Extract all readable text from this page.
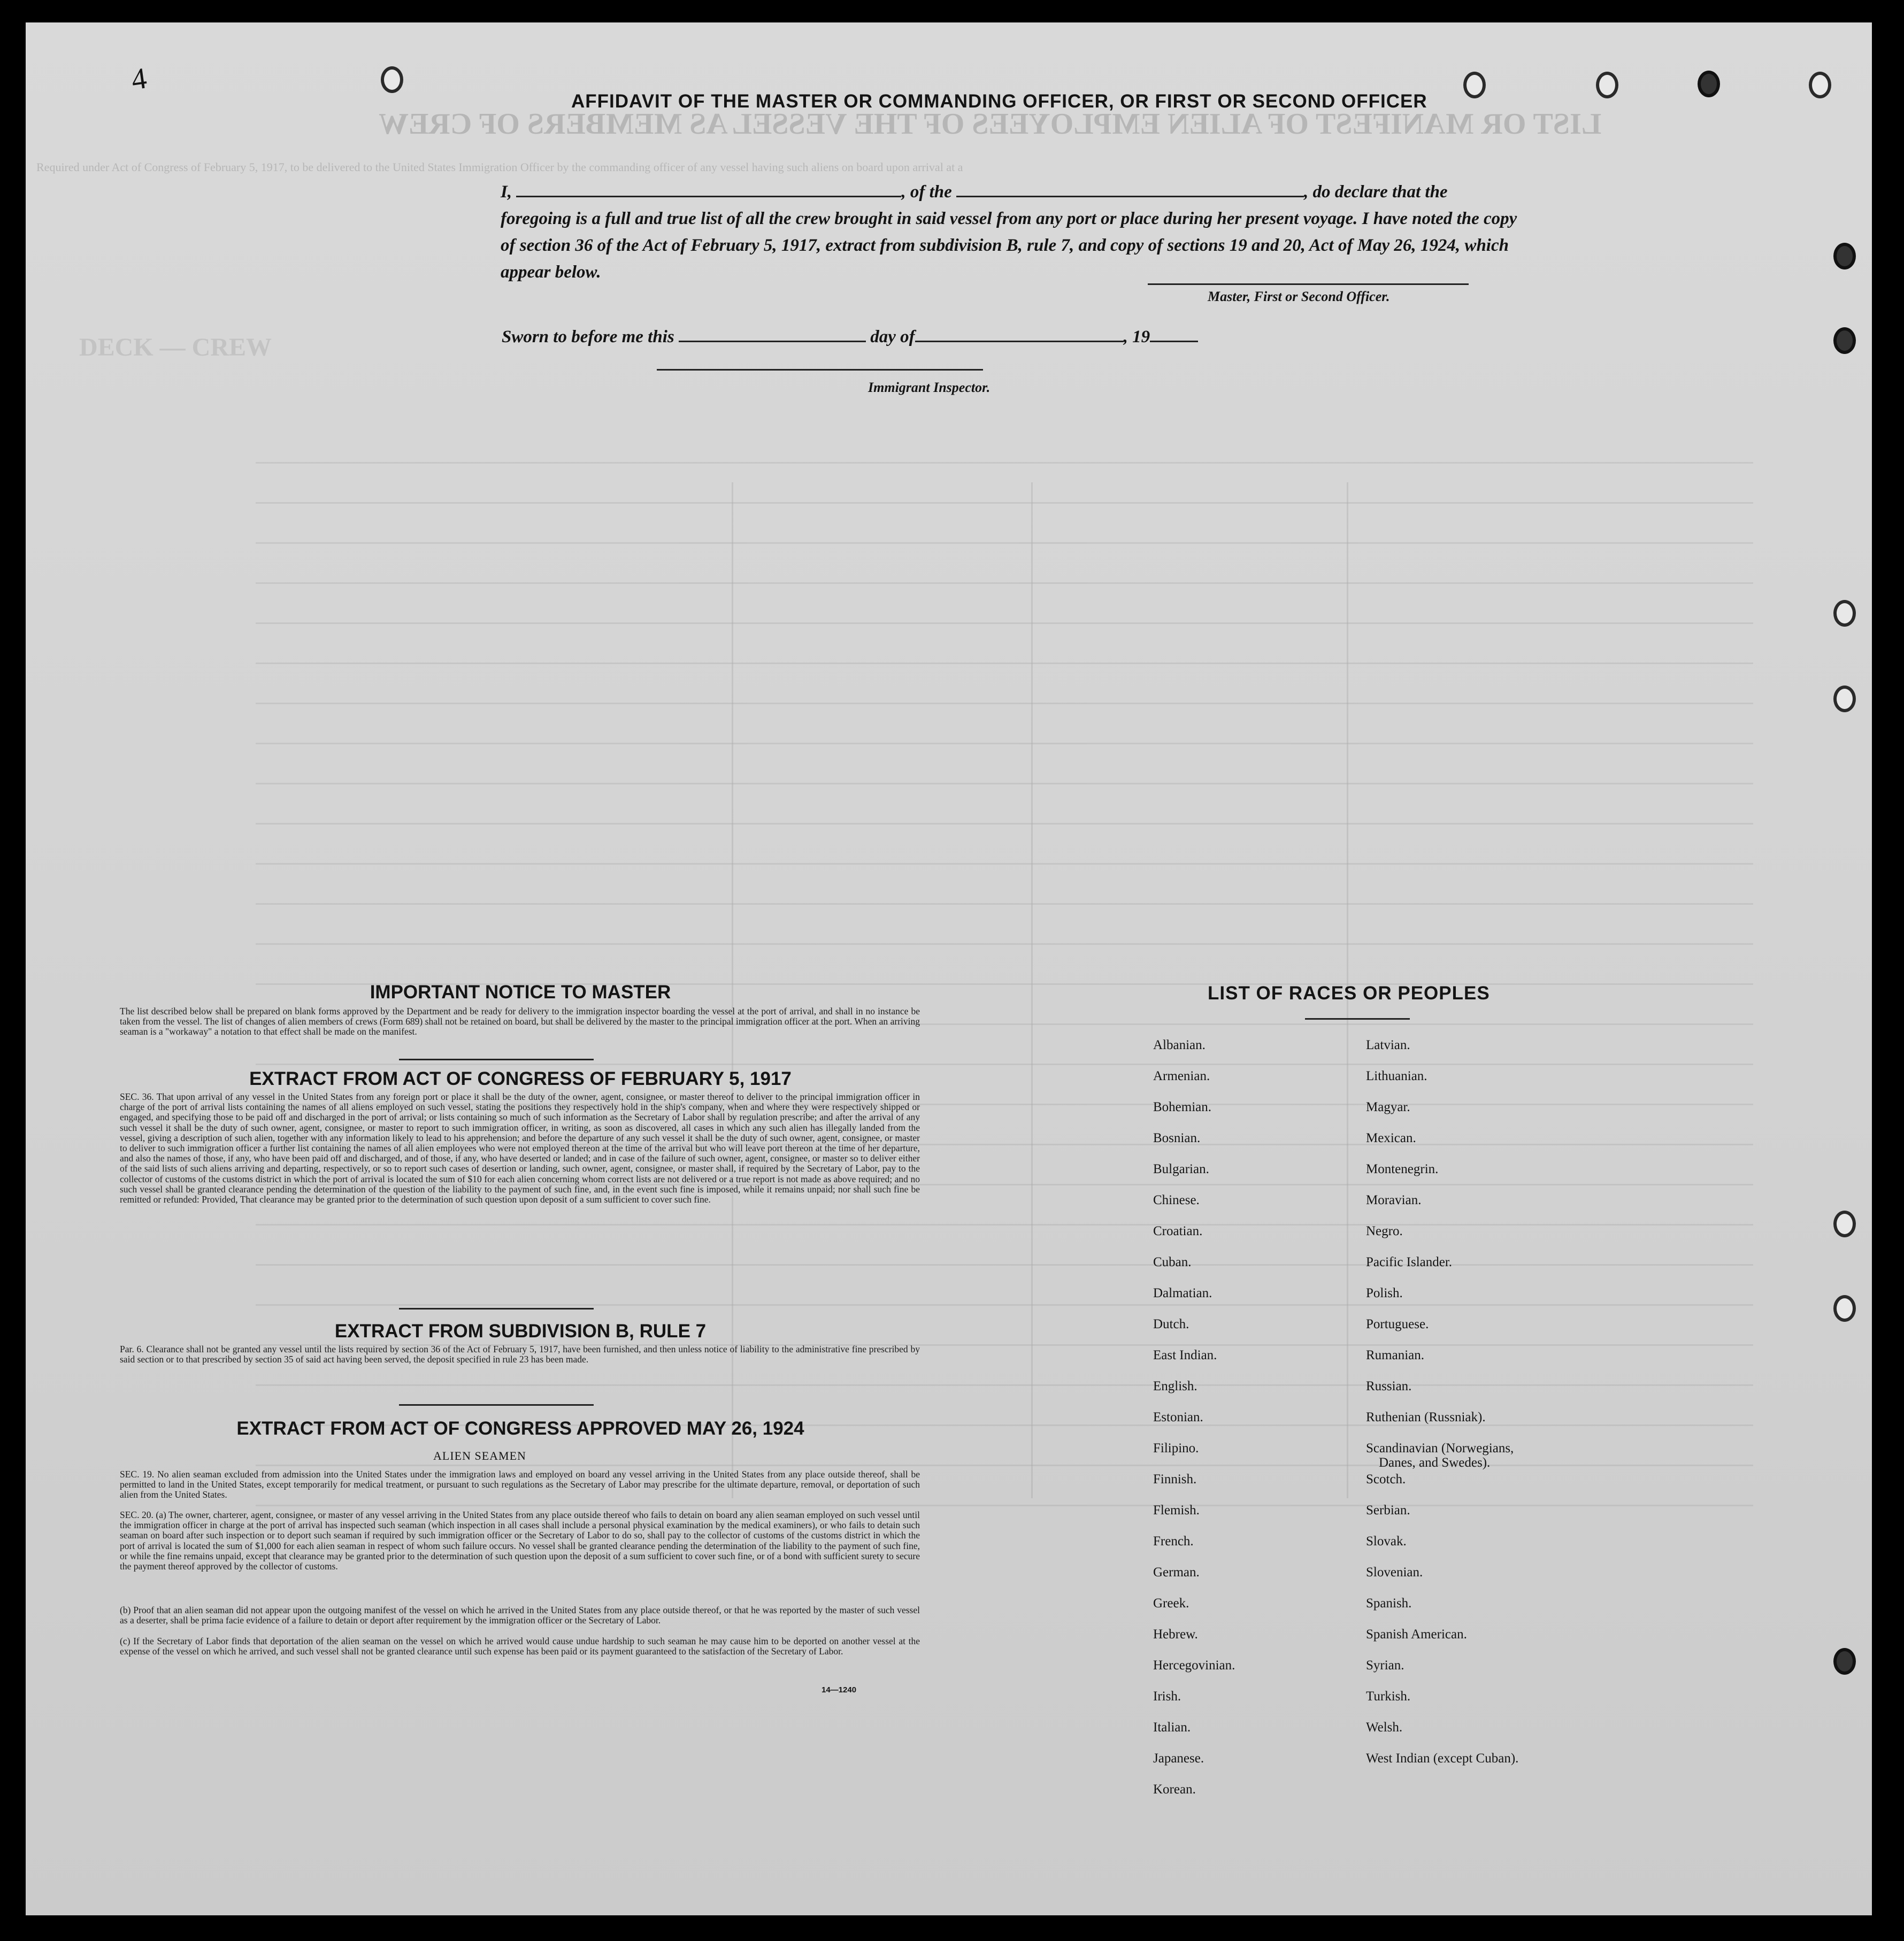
LIST OR MANIFEST OF ALIEN EMPLOYEES OF THE VESSEL AS MEMBERS OF CREW
Required under Act of Congress of February 5, 1917, to be delivered to the United States Immigration Officer by the commanding officer of any vessel having such aliens on board upon arrival at a
DECK — CREW
4
AFFIDAVIT OF THE MASTER OR COMMANDING OFFICER, OR FIRST OR SECOND OFFICER
I,	, of the	, do declare that the foregoing is a full and true list of all the crew brought in said vessel from any port or place during her present voyage. I have noted the copy of section 36 of the Act of February 5, 1917, extract from subdivision B, rule 7, and copy of sections 19 and 20, Act of May 26, 1924, which appear below.
Master, First or Second Officer.
Sworn to before me this	day of	, 19
Immigrant Inspector.
IMPORTANT NOTICE TO MASTER
The list described below shall be prepared on blank forms approved by the Department and be ready for delivery to the immigration inspector boarding the vessel at the port of arrival, and shall in no instance be taken from the vessel. The list of changes of alien members of crews (Form 689) shall not be retained on board, but shall be delivered by the master to the principal immigration officer at the port. When an arriving seaman is a "workaway" a notation to that effect shall be made on the manifest.
EXTRACT FROM ACT OF CONGRESS OF FEBRUARY 5, 1917
SEC. 36. That upon arrival of any vessel in the United States from any foreign port or place it shall be the duty of the owner, agent, consignee, or master thereof to deliver to the principal immigration officer in charge of the port of arrival lists containing the names of all aliens employed on such vessel, stating the positions they respectively hold in the ship's company, when and where they were respectively shipped or engaged, and specifying those to be paid off and discharged in the port of arrival; or lists containing so much of such information as the Secretary of Labor shall by regulation prescribe; and after the arrival of any such vessel it shall be the duty of such owner, agent, consignee, or master to report to such immigration officer, in writing, as soon as discovered, all cases in which any such alien has illegally landed from the vessel, giving a description of such alien, together with any information likely to lead to his apprehension; and before the departure of any such vessel it shall be the duty of such owner, agent, consignee, or master to deliver to such immigration officer a further list containing the names of all alien employees who were not employed thereon at the time of the arrival but who will leave port thereon at the time of her departure, and also the names of those, if any, who have been paid off and discharged, and of those, if any, who have deserted or landed; and in case of the failure of such owner, agent, consignee, or master so to deliver either of the said lists of such aliens arriving and departing, respectively, or so to report such cases of desertion or landing, such owner, agent, consignee, or master shall, if required by the Secretary of Labor, pay to the collector of customs of the customs district in which the port of arrival is located the sum of $10 for each alien concerning whom correct lists are not delivered or a true report is not made as above required; and no such vessel shall be granted clearance pending the determination of the question of the liability to the payment of such fine, and, in the event such fine is imposed, while it remains unpaid; nor shall such fine be remitted or refunded: Provided, That clearance may be granted prior to the determination of such question upon deposit of a sum sufficient to cover such fine.
EXTRACT FROM SUBDIVISION B, RULE 7
Par. 6. Clearance shall not be granted any vessel until the lists required by section 36 of the Act of February 5, 1917, have been furnished, and then unless notice of liability to the administrative fine prescribed by said section or to that prescribed by section 35 of said act having been served, the deposit specified in rule 23 has been made.
EXTRACT FROM ACT OF CONGRESS APPROVED MAY 26, 1924
ALIEN SEAMEN
SEC. 19. No alien seaman excluded from admission into the United States under the immigration laws and employed on board any vessel arriving in the United States from any place outside thereof, shall be permitted to land in the United States, except temporarily for medical treatment, or pursuant to such regulations as the Secretary of Labor may prescribe for the ultimate departure, removal, or deportation of such alien from the United States.
SEC. 20. (a) The owner, charterer, agent, consignee, or master of any vessel arriving in the United States from any place outside thereof who fails to detain on board any alien seaman employed on such vessel until the immigration officer in charge at the port of arrival has inspected such seaman (which inspection in all cases shall include a personal physical examination by the medical examiners), or who fails to detain such seaman on board after such inspection or to deport such seaman if required by such immigration officer or the Secretary of Labor to do so, shall pay to the collector of customs of the customs district in which the port of arrival is located the sum of $1,000 for each alien seaman in respect of whom such failure occurs. No vessel shall be granted clearance pending the determination of the liability to the payment of such fine, or while the fine remains unpaid, except that clearance may be granted prior to the determination of such question upon the deposit of a sum sufficient to cover such fine, or of a bond with sufficient surety to secure the payment thereof approved by the collector of customs.
(b) Proof that an alien seaman did not appear upon the outgoing manifest of the vessel on which he arrived in the United States from any place outside thereof, or that he was reported by the master of such vessel as a deserter, shall be prima facie evidence of a failure to detain or deport after requirement by the immigration officer or the Secretary of Labor.
(c) If the Secretary of Labor finds that deportation of the alien seaman on the vessel on which he arrived would cause undue hardship to such seaman he may cause him to be deported on another vessel at the expense of the vessel on which he arrived, and such vessel shall not be granted clearance until such expense has been paid or its payment guaranteed to the satisfaction of the Secretary of Labor.
14—1240
LIST OF RACES OR PEOPLES
Albanian.
Armenian.
Bohemian.
Bosnian.
Bulgarian.
Chinese.
Croatian.
Cuban.
Dalmatian.
Dutch.
East Indian.
English.
Estonian.
Filipino.
Finnish.
Flemish.
French.
German.
Greek.
Hebrew.
Hercegovinian.
Irish.
Italian.
Japanese.
Korean.
Latvian.
Lithuanian.
Magyar.
Mexican.
Montenegrin.
Moravian.
Negro.
Pacific Islander.
Polish.
Portuguese.
Rumanian.
Russian.
Ruthenian (Russniak).
Scandinavian (Norwegians,
Scotch.
Serbian.
Slovak.
Slovenian.
Spanish.
Spanish American.
Syrian.
Turkish.
Welsh.
West Indian (except Cuban).
Danes, and Swedes).
